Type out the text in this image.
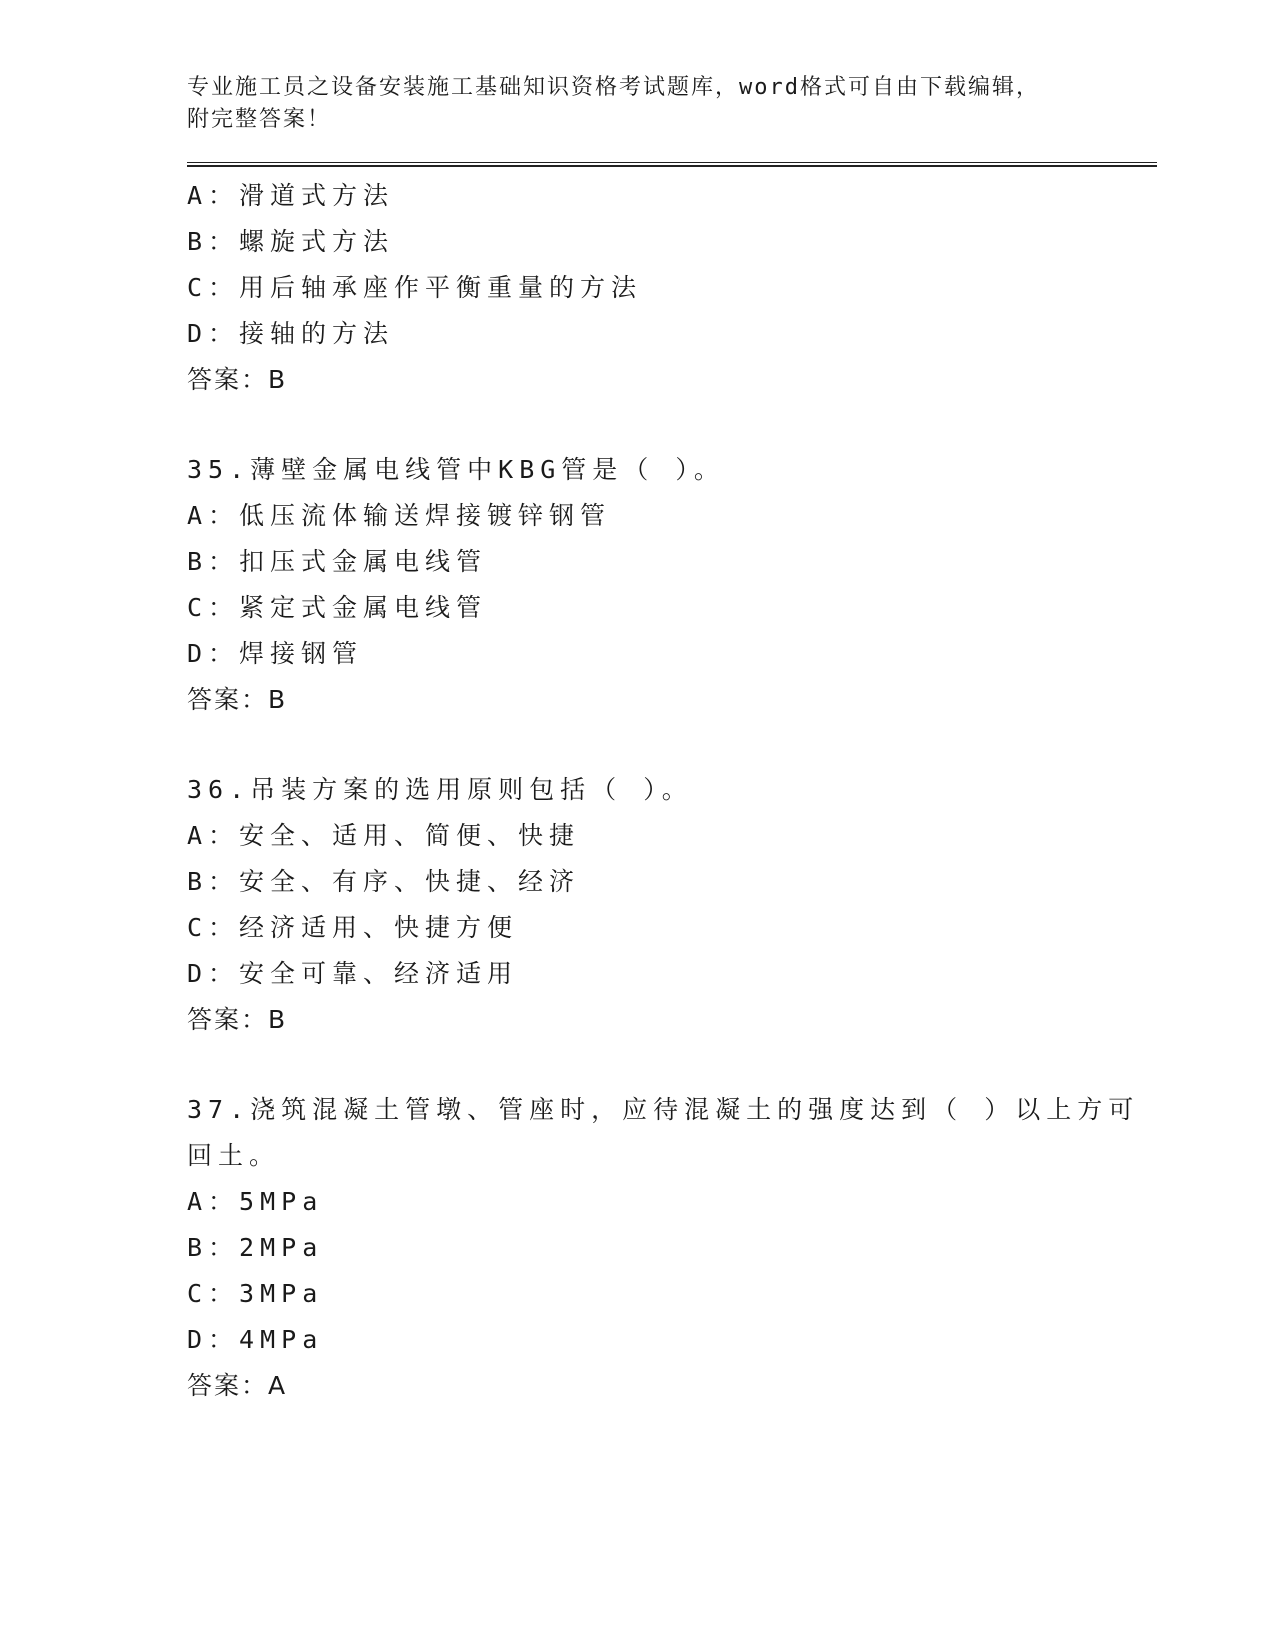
专业施工员之设备安装施工基础知识资格考试题库，word格式可自由下载编辑，
附完整答案！
A：滑道式方法
B：螺旋式方法
C：用后轴承座作平衡重量的方法
D：接轴的方法
答案：B
35.薄壁金属电线管中KBG管是（ ）。
A：低压流体输送焊接镀锌钢管
B：扣压式金属电线管
C：紧定式金属电线管
D：焊接钢管
答案：B
36.吊装方案的选用原则包括（ ）。
A：安全、适用、简便、快捷
B：安全、有序、快捷、经济
C：经济适用、快捷方便
D：安全可靠、经济适用
答案：B
37.浇筑混凝土管墩、管座时，应待混凝土的强度达到（ ）以上方可
回土。
A：5MPa
B：2MPa
C：3MPa
D：4MPa
答案：A
